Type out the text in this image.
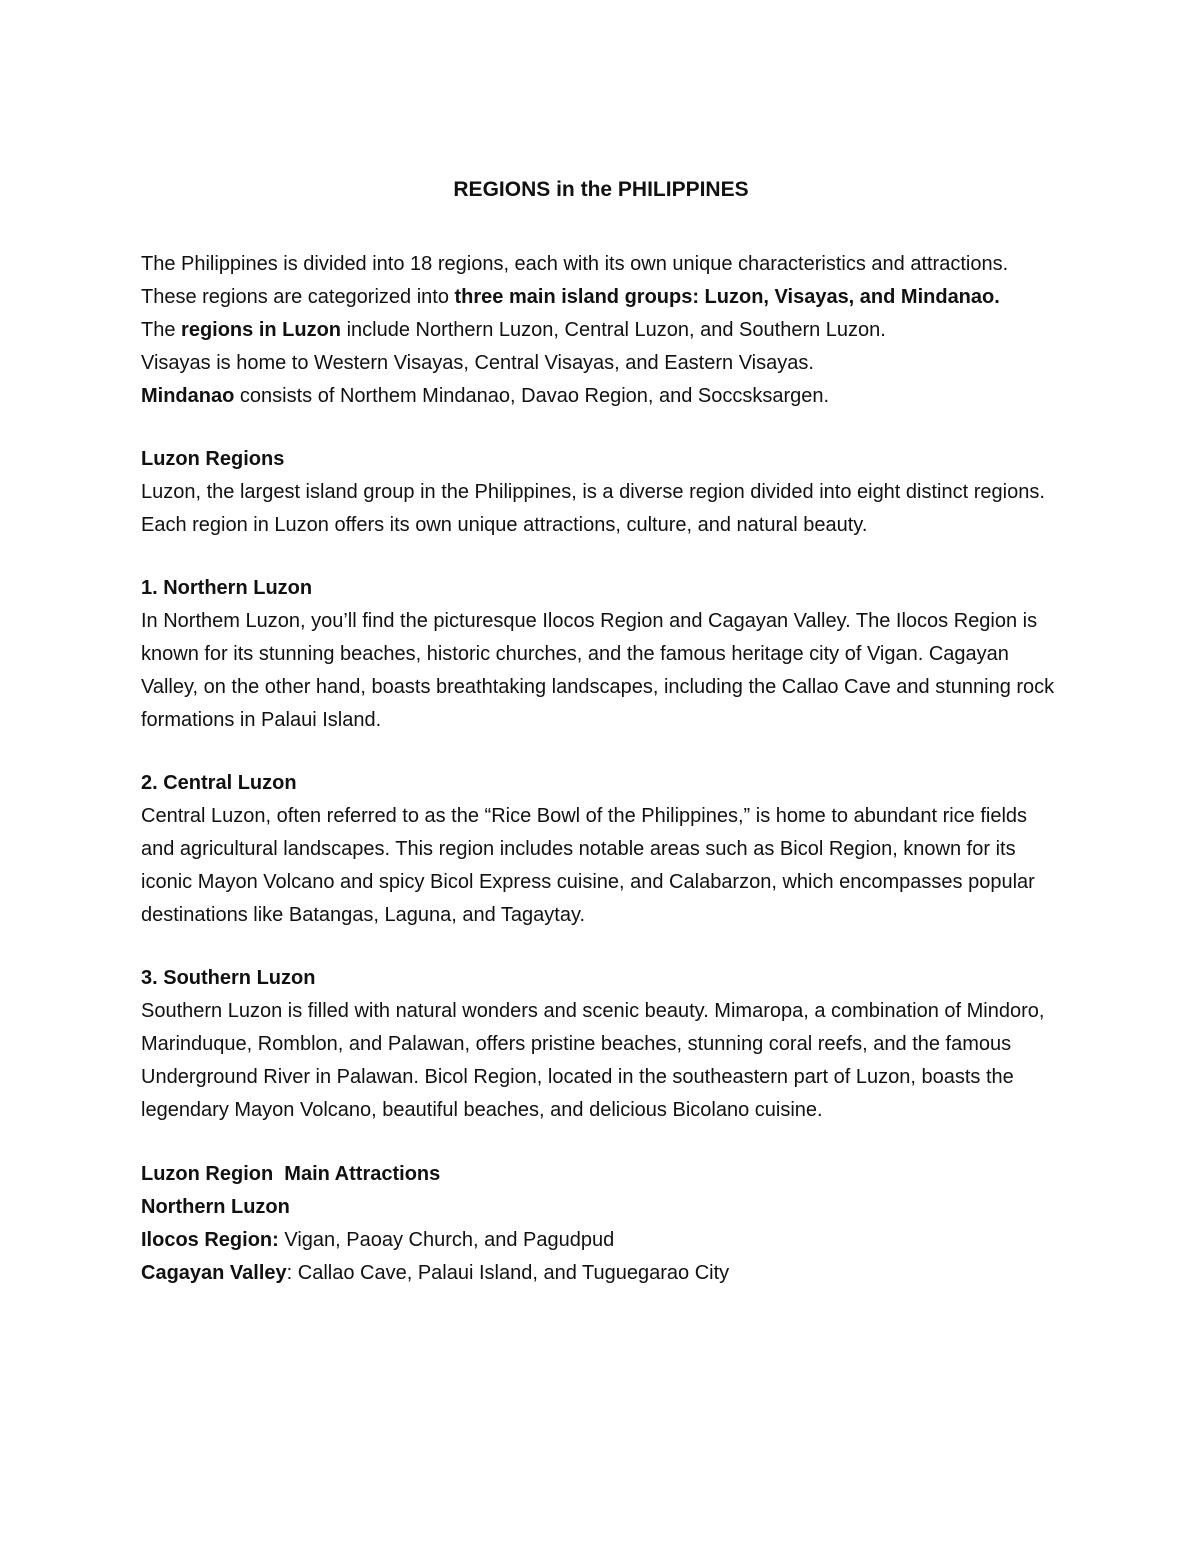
REGIONS in the PHILIPPINES

The Philippines is divided into 18 regions, each with its own unique characteristics and attractions.

These regions are categorized into three main island groups: Luzon, Visayas, and Mindanao.

The regions in Luzon include Northern Luzon, Central Luzon, and Southern Luzon.

Visayas is home to Western Visayas, Central Visayas, and Eastern Visayas.

Mindanao consists of Northem Mindanao, Davao Region, and Soccsksargen.

Luzon Regions

Luzon, the largest island group in the Philippines, is a diverse region divided into eight distinct regions. Each region in Luzon offers its own unique attractions, culture, and natural beauty.

1. Northern Luzon

In Northem Luzon, you’ll find the picturesque Ilocos Region and Cagayan Valley. The Ilocos Region is known for its stunning beaches, historic churches, and the famous heritage city of Vigan. Cagayan Valley, on the other hand, boasts breathtaking landscapes, including the Callao Cave and stunning rock formations in Palaui Island.

2. Central Luzon

Central Luzon, often referred to as the “Rice Bowl of the Philippines,” is home to abundant rice fields and agricultural landscapes. This region includes notable areas such as Bicol Region, known for its iconic Mayon Volcano and spicy Bicol Express cuisine, and Calabarzon, which encompasses popular destinations like Batangas, Laguna, and Tagaytay.

3. Southern Luzon

Southern Luzon is filled with natural wonders and scenic beauty. Mimaropa, a combination of Mindoro, Marinduque, Romblon, and Palawan, offers pristine beaches, stunning coral reefs, and the famous Underground River in Palawan. Bicol Region, located in the southeastern part of Luzon, boasts the legendary Mayon Volcano, beautiful beaches, and delicious Bicolano cuisine.

Luzon Region  Main Attractions

Northern Luzon

Ilocos Region: Vigan, Paoay Church, and Pagudpud

Cagayan Valley: Callao Cave, Palaui Island, and Tuguegarao City
